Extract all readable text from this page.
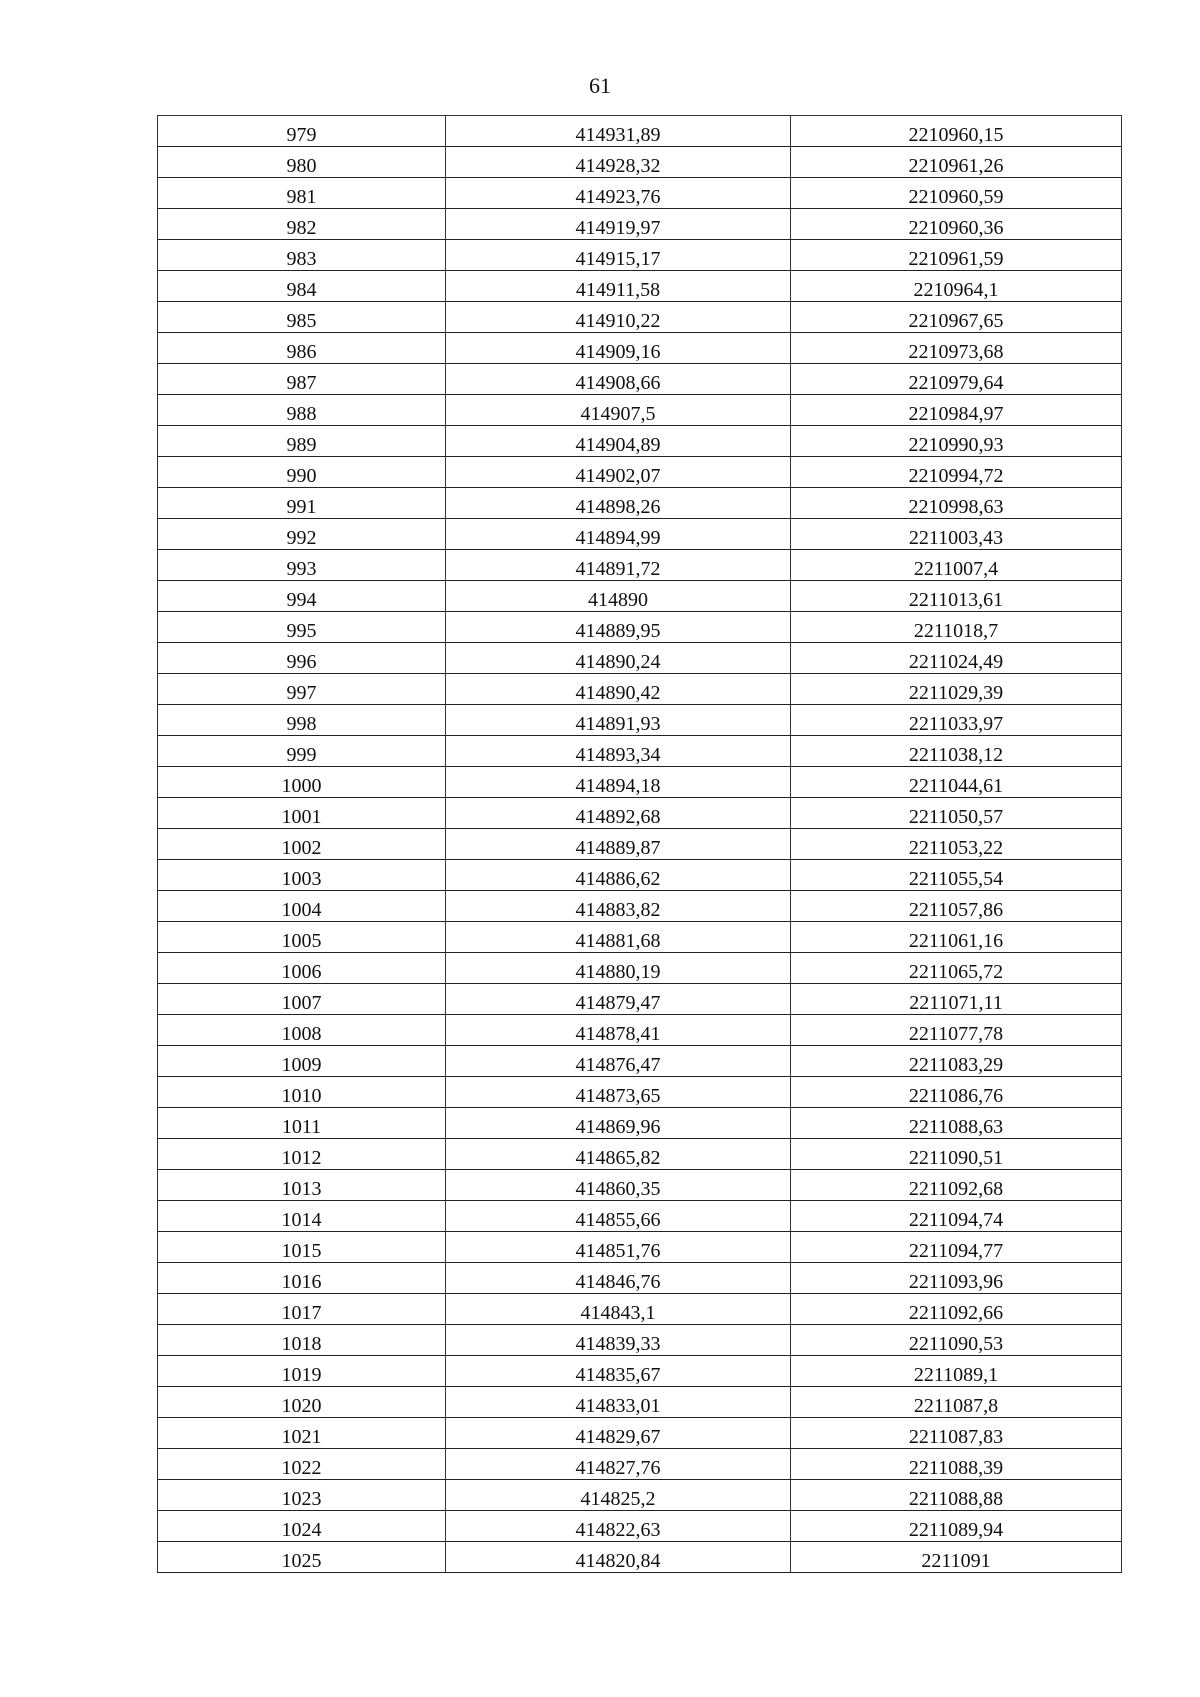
61
979	414931,89	2210960,15
980	414928,32	2210961,26
981	414923,76	2210960,59
982	414919,97	2210960,36
983	414915,17	2210961,59
984	414911,58	2210964,1
985	414910,22	2210967,65
986	414909,16	2210973,68
987	414908,66	2210979,64
988	414907,5	2210984,97
989	414904,89	2210990,93
990	414902,07	2210994,72
991	414898,26	2210998,63
992	414894,99	2211003,43
993	414891,72	2211007,4
994	414890	2211013,61
995	414889,95	2211018,7
996	414890,24	2211024,49
997	414890,42	2211029,39
998	414891,93	2211033,97
999	414893,34	2211038,12
1000	414894,18	2211044,61
1001	414892,68	2211050,57
1002	414889,87	2211053,22
1003	414886,62	2211055,54
1004	414883,82	2211057,86
1005	414881,68	2211061,16
1006	414880,19	2211065,72
1007	414879,47	2211071,11
1008	414878,41	2211077,78
1009	414876,47	2211083,29
1010	414873,65	2211086,76
1011	414869,96	2211088,63
1012	414865,82	2211090,51
1013	414860,35	2211092,68
1014	414855,66	2211094,74
1015	414851,76	2211094,77
1016	414846,76	2211093,96
1017	414843,1	2211092,66
1018	414839,33	2211090,53
1019	414835,67	2211089,1
1020	414833,01	2211087,8
1021	414829,67	2211087,83
1022	414827,76	2211088,39
1023	414825,2	2211088,88
1024	414822,63	2211089,94
1025	414820,84	2211091
